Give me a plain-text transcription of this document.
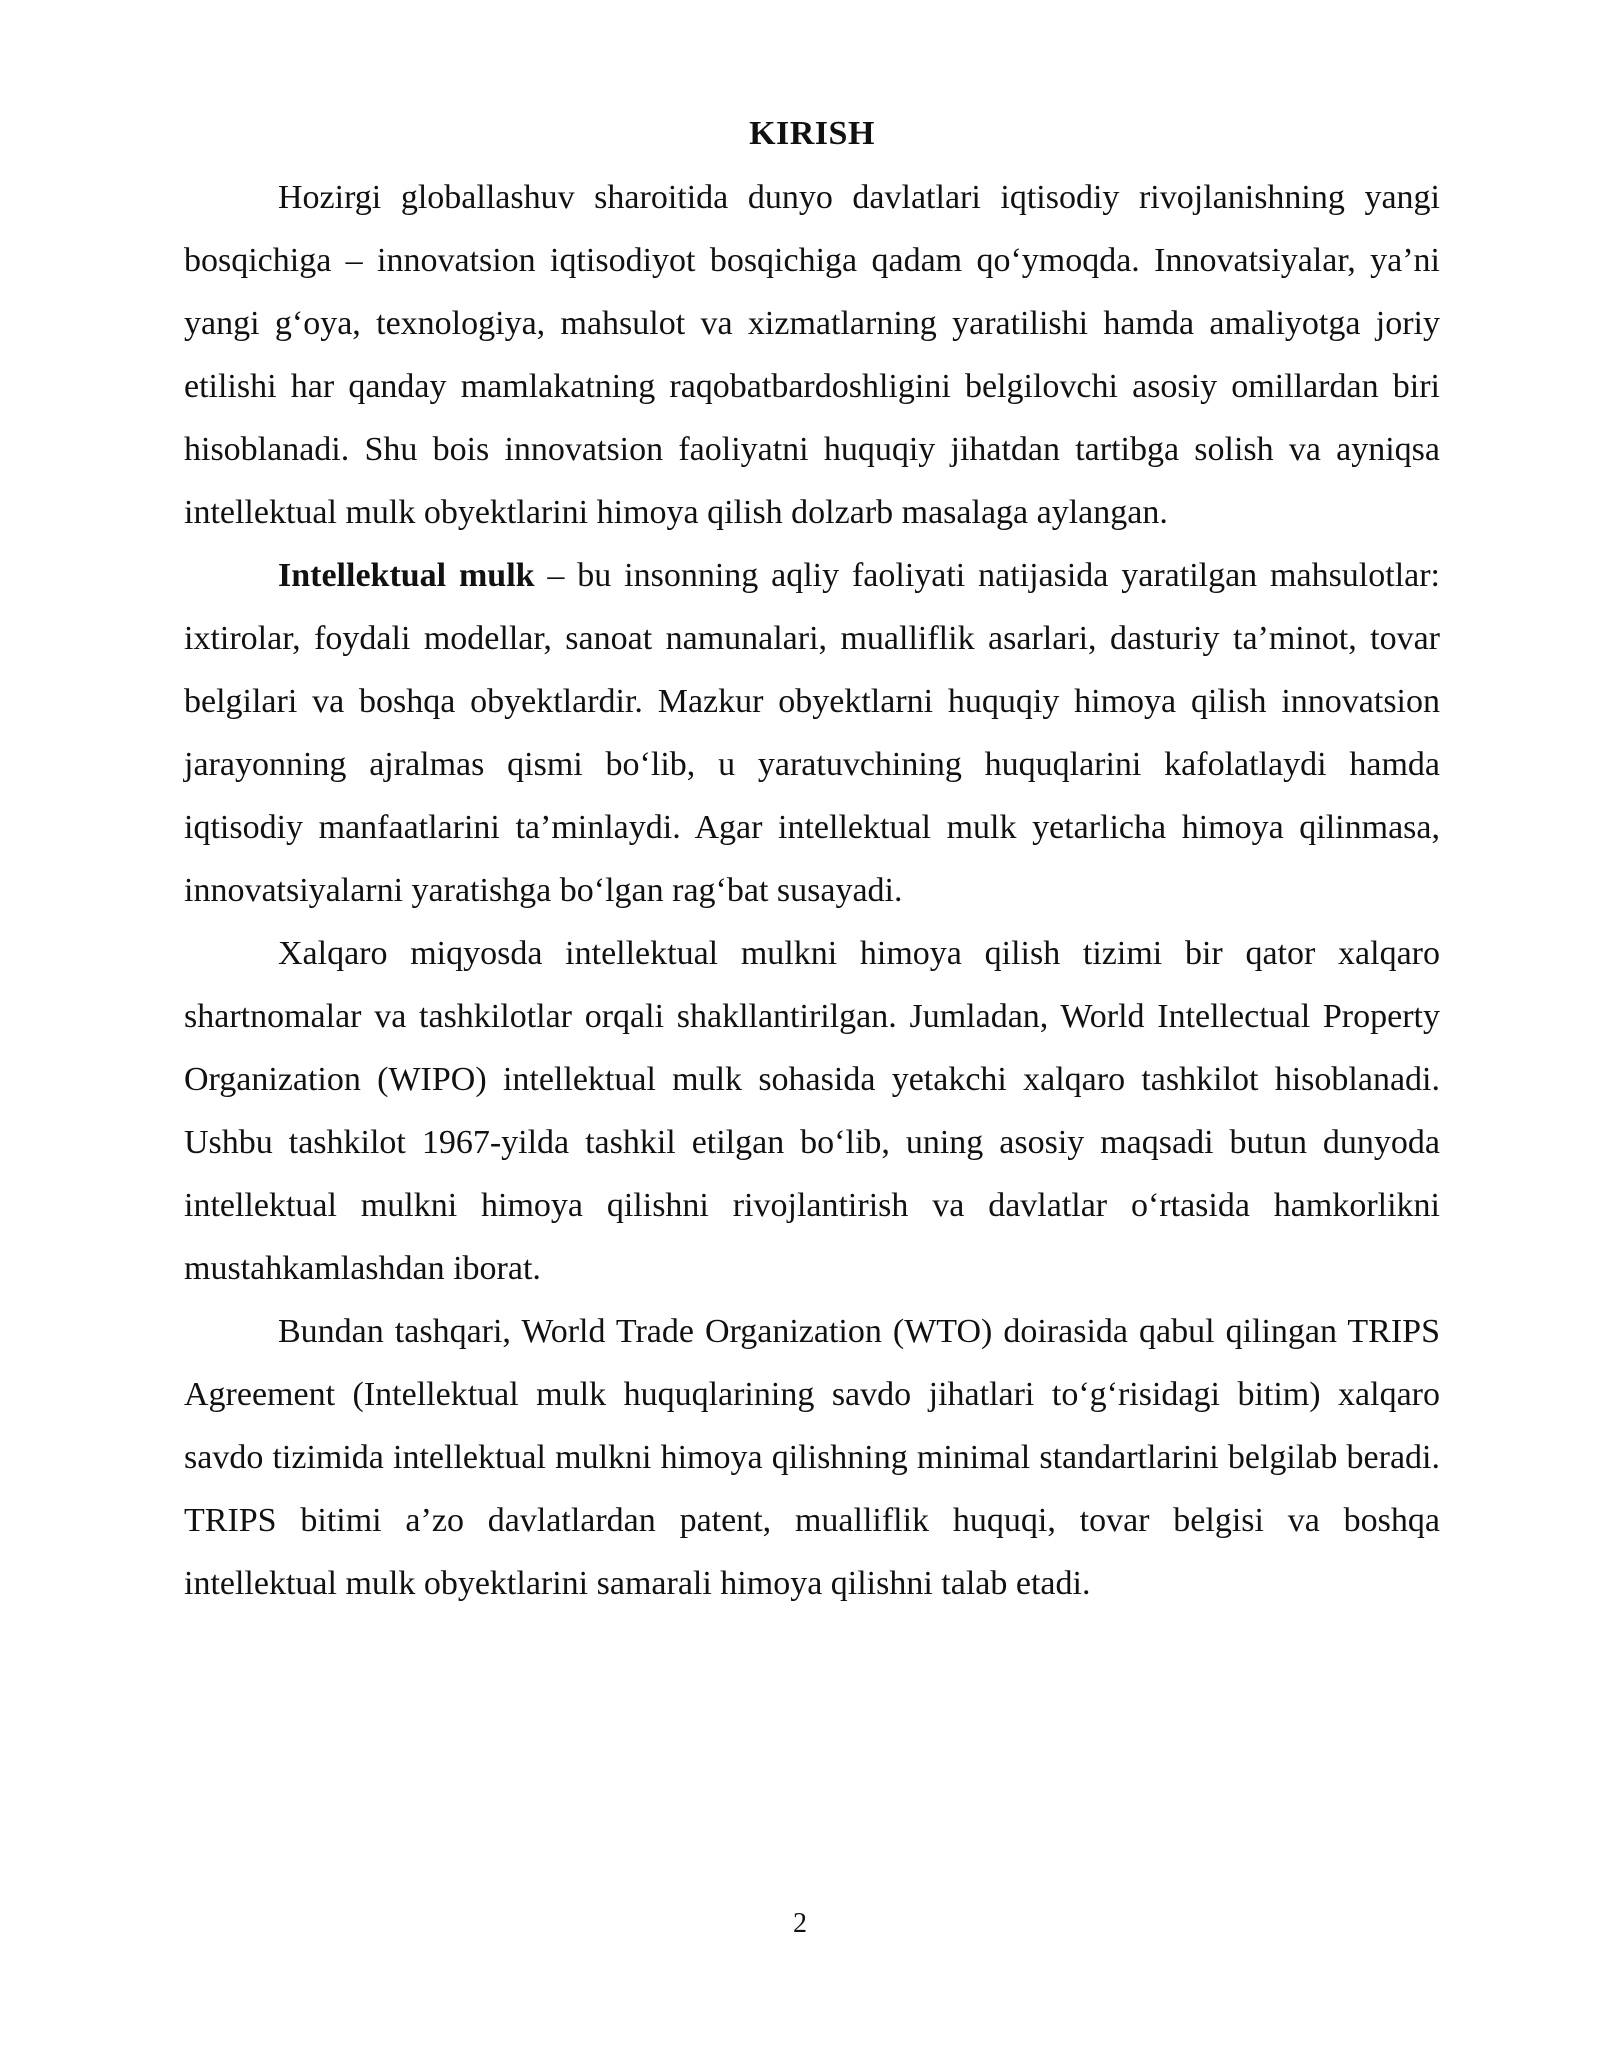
KIRISH

Hozirgi globallashuv sharoitida dunyo davlatlari iqtisodiy rivojlanishning yangi bosqichiga – innovatsion iqtisodiyot bosqichiga qadam qo‘ymoqda. Innovatsiyalar, ya’ni yangi g‘oya, texnologiya, mahsulot va xizmatlarning yaratilishi hamda amaliyotga joriy etilishi har qanday mamlakatning raqobatbardoshligini belgilovchi asosiy omillardan biri hisoblanadi. Shu bois innovatsion faoliyatni huquqiy jihatdan tartibga solish va ayniqsa intellektual mulk obyektlarini himoya qilish dolzarb masalaga aylangan.

Intellektual mulk – bu insonning aqliy faoliyati natijasida yaratilgan mahsulotlar: ixtirolar, foydali modellar, sanoat namunalari, mualliflik asarlari, dasturiy ta’minot, tovar belgilari va boshqa obyektlardir. Mazkur obyektlarni huquqiy himoya qilish innovatsion jarayonning ajralmas qismi bo‘lib, u yaratuvchining huquqlarini kafolatlaydi hamda iqtisodiy manfaatlarini ta’minlaydi. Agar intellektual mulk yetarlicha himoya qilinmasa, innovatsiyalarni yaratishga bo‘lgan rag‘bat susayadi.

Xalqaro miqyosda intellektual mulkni himoya qilish tizimi bir qator xalqaro shartnomalar va tashkilotlar orqali shakllantirilgan. Jumladan, World Intellectual Property Organization (WIPO) intellektual mulk sohasida yetakchi xalqaro tashkilot hisoblanadi. Ushbu tashkilot 1967-yilda tashkil etilgan bo‘lib, uning asosiy maqsadi butun dunyoda intellektual mulkni himoya qilishni rivojlantirish va davlatlar o‘rtasida hamkorlikni mustahkamlashdan iborat.

Bundan tashqari, World Trade Organization (WTO) doirasida qabul qilingan TRIPS Agreement (Intellektual mulk huquqlarining savdo jihatlari to‘g‘risidagi bitim) xalqaro savdo tizimida intellektual mulkni himoya qilishning minimal standartlarini belgilab beradi. TRIPS bitimi a’zo davlatlardan patent, mualliflik huquqi, tovar belgisi va boshqa intellektual mulk obyektlarini samarali himoya qilishni talab etadi.

2
